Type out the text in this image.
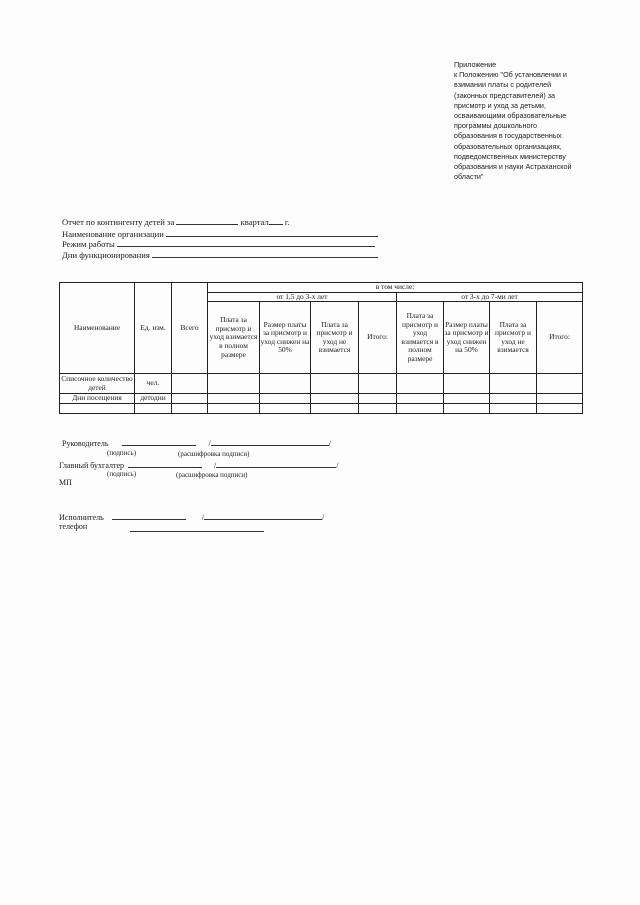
Приложение
к Положению "Об установлении и
взимании платы с родителей
(законных представителей) за
присмотр и уход за детьми,
осваивающими образовательные
программы дошкольного
образования в государственных
образовательных организациях,
подведомственных министерству
образования и науки Астраханской
области"
Отчет по контингенту детей за	квартал г.
Наименование организации
Режим работы
Дни функционирования
Наименование	Ед. изм.	Всего	в том числе:							
			от 1,5 до 3-х лет				от 3-х до 7-ми лет			
			Плата за присмотр и уход взимается в полном размере	Размер платы за присмотр и уход снижен на 50%	Плата за присмотр и уход не взимается	Итого:	Плата за присмотр и уход взимается в полном размере	Размер платы за присмотр и уход снижен на 50%	Плата за присмотр и уход не взимается	Итого:
Списочное количество детей	чел.									
Дни посещения	детодни									

Руководитель	/	/
(подпись)	(расшифровка подписи)
Главный бухгалтер	/	/
(подпись)	(расшифровка подписи)
МП
Исполнитель	/	/
телефон
